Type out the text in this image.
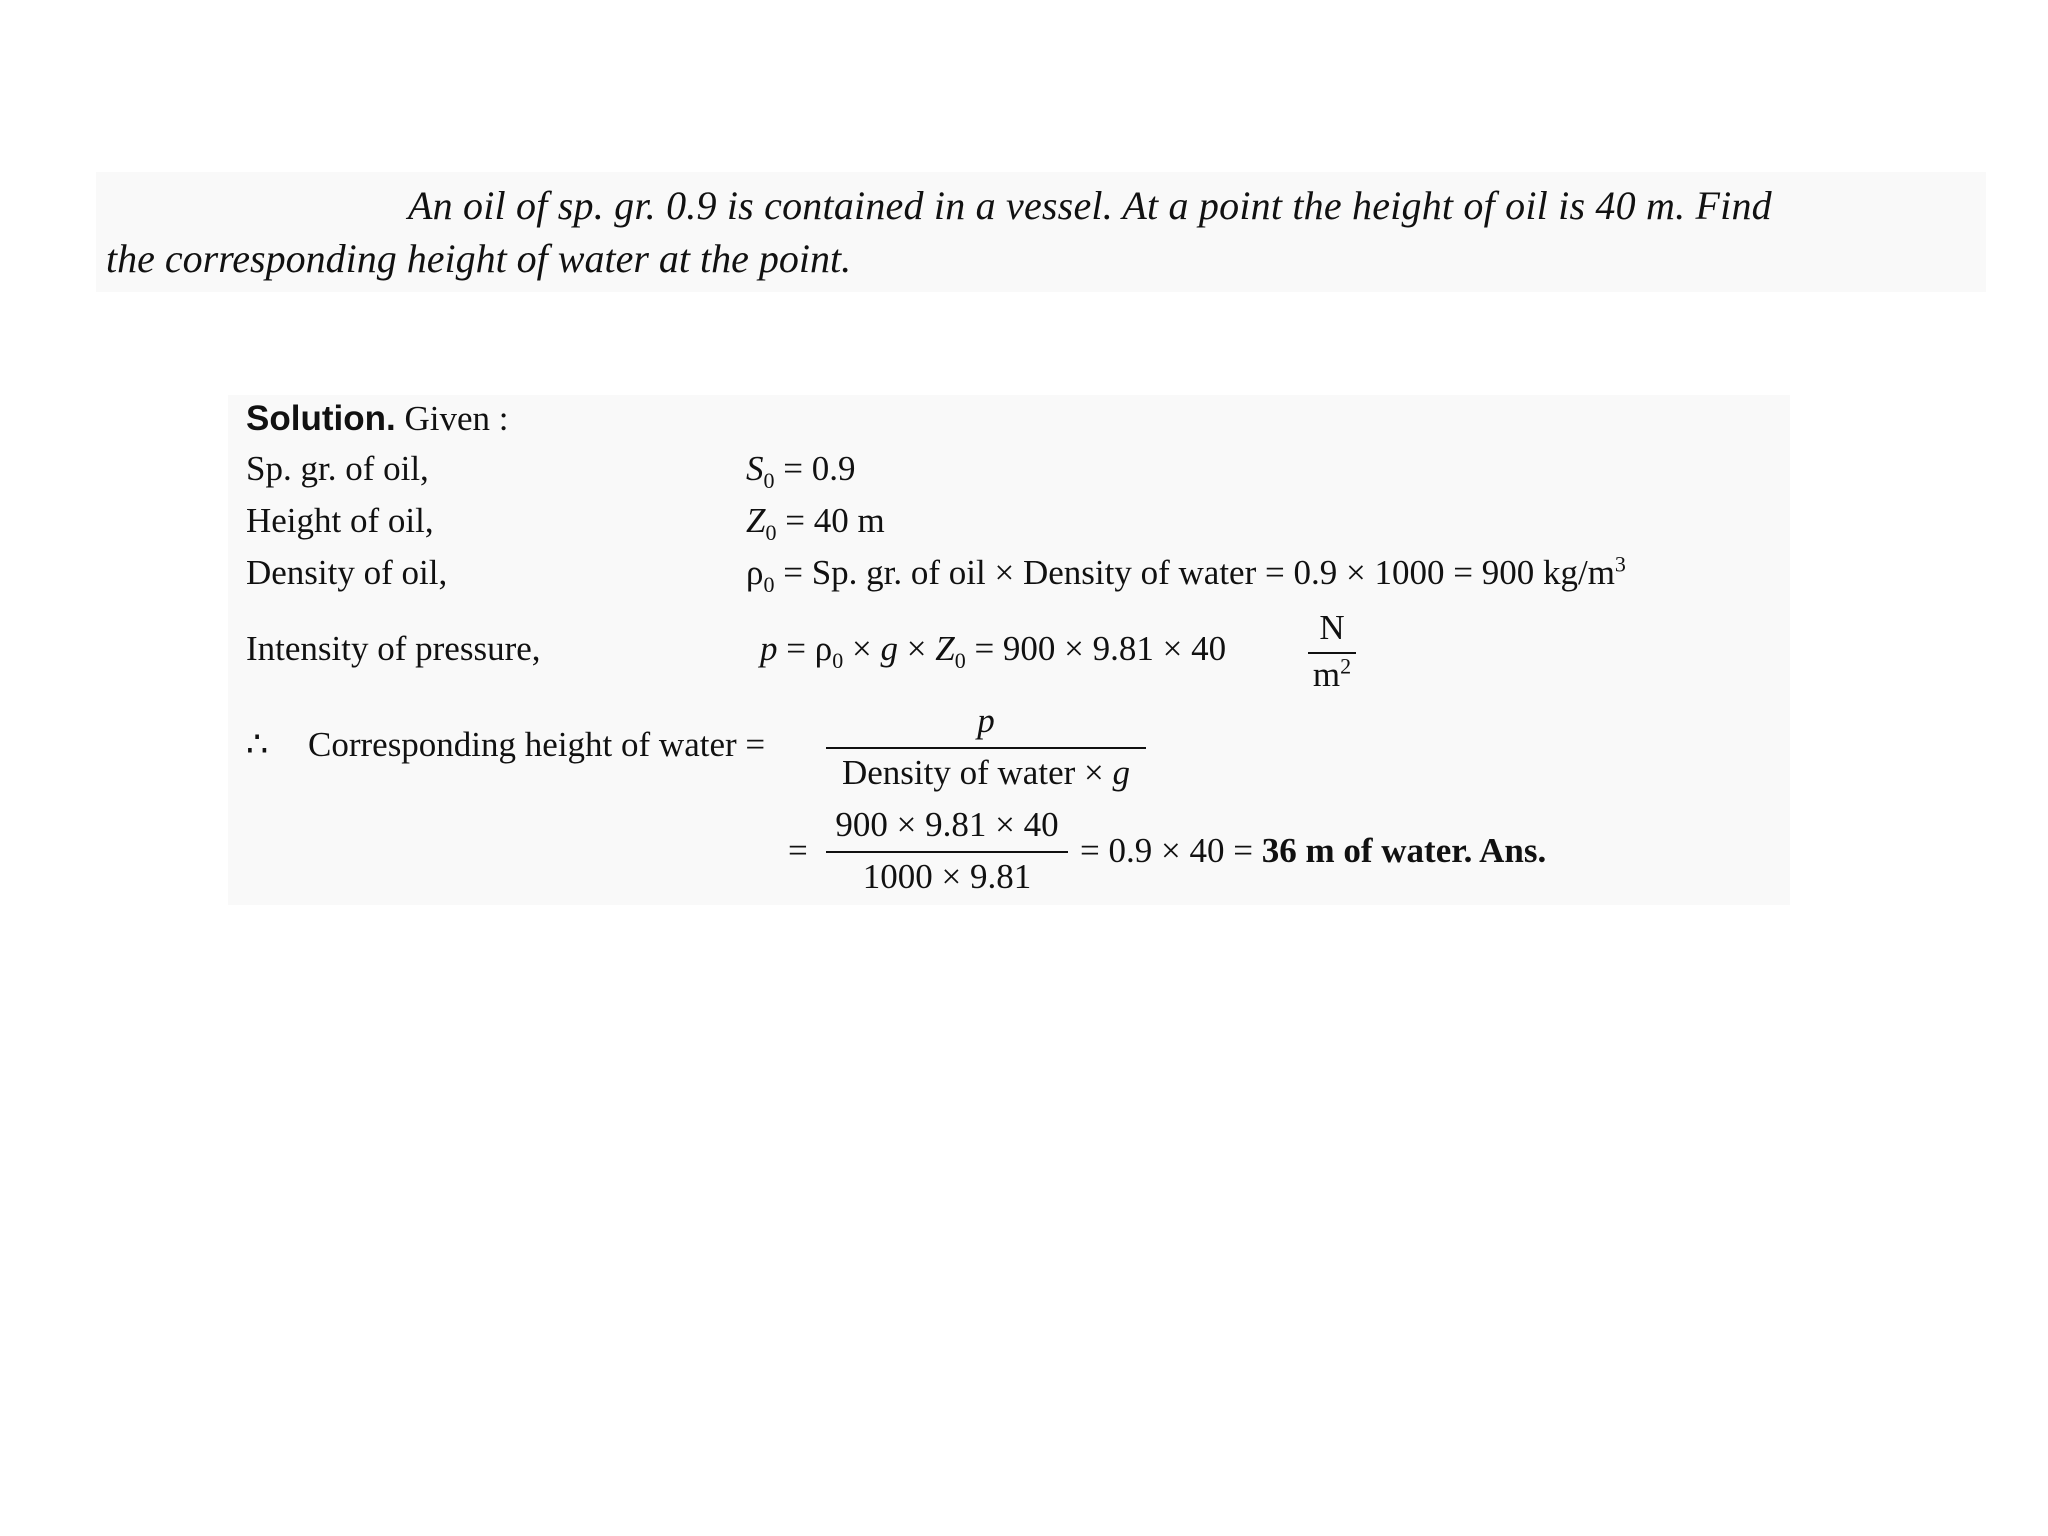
An oil of sp. gr. 0.9 is contained in a vessel. At a point the height of oil is 40 m. Find
the corresponding height of water at the point.
Solution. Given :
Sp. gr. of oil,	$S_0 = 0.9$
Height of oil,	$Z_0 = 40$ m
Density of oil,	$\rho_0 = Sp$. gr. of oil × Density of water = 0.9 × 1000 = 900 $kg/m^3$
Intensity of pressure,	$p = \rho_0 \times g \times Z_0 = 900 \times 9.81 \times 40$
N
$m^2$
∴ Corresponding height of water =
p
Density of water × g
=
900 × 9.81 × 40
1000 × 9.81
= 0.9 × 40 = 36 m of water. Ans.
